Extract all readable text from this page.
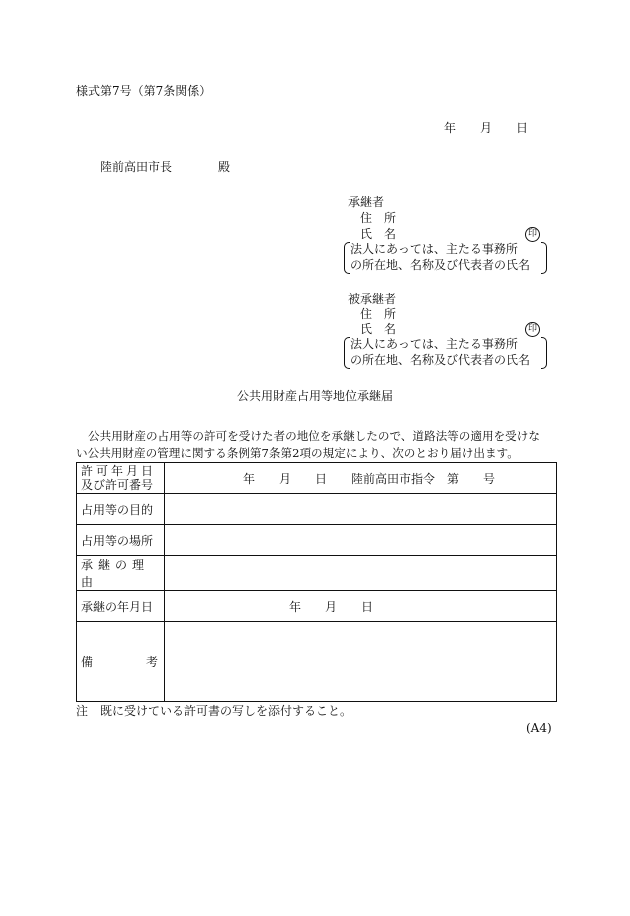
様式第7号（第7条関係）
年　　月　　日
陸前高田市長	殿
承継者
住　所
氏　名	印
法人にあっては、主たる事務所
の所在地、名称及び代表者の氏名
被承継者
住　所
氏　名	印
法人にあっては、主たる事務所
の所在地、名称及び代表者の氏名
公共用財産占用等地位承継届
公共用財産の占用等の許可を受けた者の地位を承継したので、道路法等の適用を受けな
い公共用財産の管理に関する条例第7条第2項の規定により、次のとおり届け出ます。
許可年月日
及び許可番号	年　　月　　日　　陸前高田市指令　第　　号
占用等の目的	
占用等の場所	
承継の理由	
承継の年月日	年　　月　　日

備 考	

注　既に受けている許可書の写しを添付すること。
(A4)
